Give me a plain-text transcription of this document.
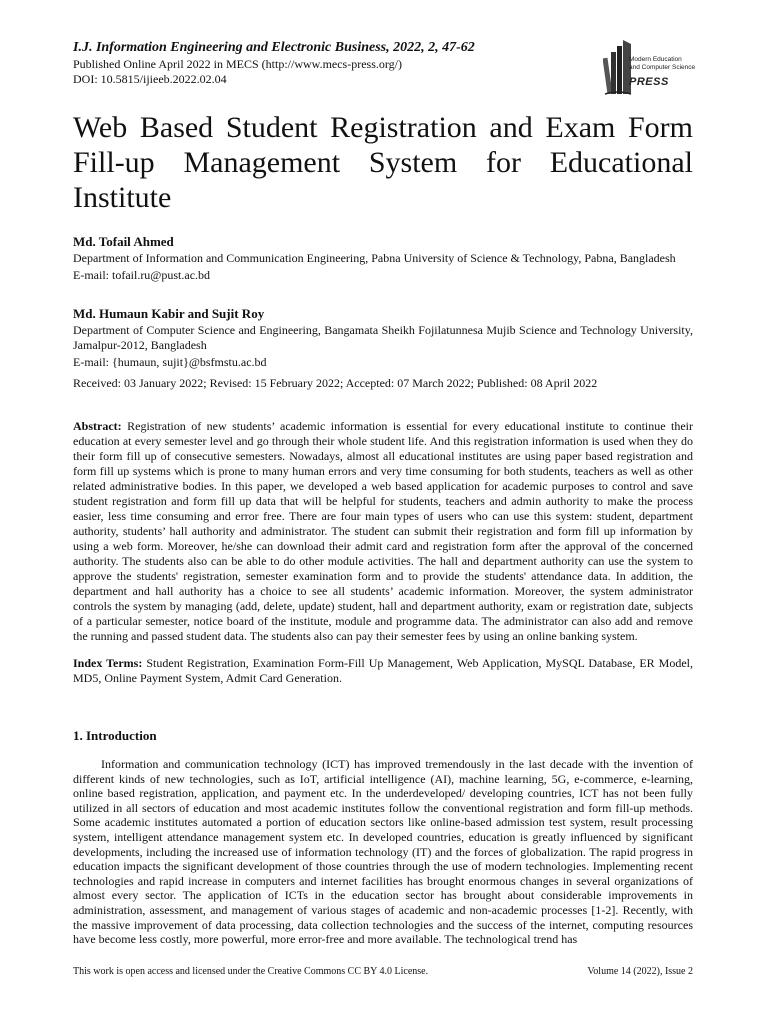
I.J. Information Engineering and Electronic Business, 2022, 2, 47-62
Published Online April 2022 in MECS (http://www.mecs-press.org/)
DOI: 10.5815/ijieeb.2022.02.04
Modern Education
and Computer Science
PRESS
Web Based Student Registration and Exam Form Fill-up Management System for Educational Institute
Md. Tofail Ahmed
Department of Information and Communication Engineering, Pabna University of Science & Technology, Pabna, Bangladesh
E-mail: tofail.ru@pust.ac.bd
Md. Humaun Kabir and Sujit Roy
Department of Computer Science and Engineering, Bangamata Sheikh Fojilatunnesa Mujib Science and Technology University, Jamalpur-2012, Bangladesh
E-mail: {humaun, sujit}@bsfmstu.ac.bd
Received: 03 January 2022; Revised: 15 February 2022; Accepted: 07 March 2022; Published: 08 April 2022
Abstract: Registration of new students’ academic information is essential for every educational institute to continue their education at every semester level and go through their whole student life. And this registration information is used when they do their form fill up of consecutive semesters. Nowadays, almost all educational institutes are using paper based registration and form fill up systems which is prone to many human errors and very time consuming for both students, teachers as well as other related administrative bodies. In this paper, we developed a web based application for academic purposes to control and save student registration and form fill up data that will be helpful for students, teachers and admin authority to make the process easier, less time consuming and error free. There are four main types of users who can use this system: student, department authority, students’ hall authority and administrator. The student can submit their registration and form fill up information by using a web form. Moreover, he/she can download their admit card and registration form after the approval of the concerned authority. The students also can be able to do other module activities. The hall and department authority can use the system to approve the students' registration, semester examination form and to provide the students' attendance data. In addition, the department and hall authority has a choice to see all students’ academic information. Moreover, the system administrator controls the system by managing (add, delete, update) student, hall and department authority, exam or registration date, subjects of a particular semester, notice board of the institute, module and programme data. The administrator can also add and remove the running and passed student data. The students also can pay their semester fees by using an online banking system.
Index Terms: Student Registration, Examination Form-Fill Up Management, Web Application, MySQL Database, ER Model, MD5, Online Payment System, Admit Card Generation.
1. Introduction
Information and communication technology (ICT) has improved tremendously in the last decade with the invention of different kinds of new technologies, such as IoT, artificial intelligence (AI), machine learning, 5G, e-commerce, e-learning, online based registration, application, and payment etc. In the underdeveloped/ developing countries, ICT has not been fully utilized in all sectors of education and most academic institutes follow the conventional registration and form fill-up methods. Some academic institutes automated a portion of education sectors like online-based admission test system, result processing system, intelligent attendance management system etc. In developed countries, education is greatly influenced by significant developments, including the increased use of information technology (IT) and the forces of globalization. The rapid progress in education impacts the significant development of those countries through the use of modern technologies. Implementing recent technologies and rapid increase in computers and internet facilities has brought enormous changes in several organizations of almost every sector. The application of ICTs in the education sector has brought about considerable improvements in administration, assessment, and management of various stages of academic and non-academic processes [1-2]. Recently, with the massive improvement of data processing, data collection technologies and the success of the internet, computing resources have become less costly, more powerful, more error-free and more available. The technological trend has
This work is open access and licensed under the Creative Commons CC BY 4.0 License.	Volume 14 (2022), Issue 2
